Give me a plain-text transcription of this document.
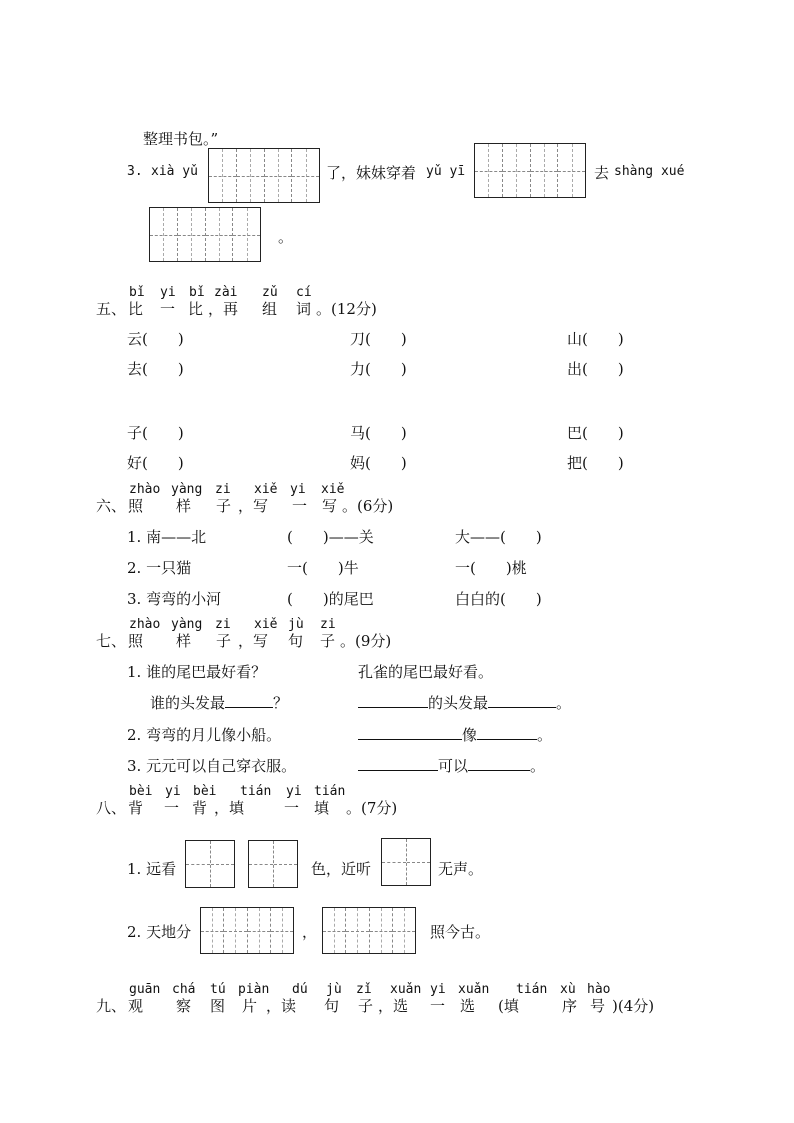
整理书包。”
3. xià yǔ	了，妹妹穿着 yǔ yī	去 shàng xué
。
bǐ yi bǐ zài zǔ cí
五、 比 一 比 ，再 组 词 。(12分)
云(　　)	刀(　　)	山(　　)
去(　　)	力(　　)	出(　　)
子(　　)	马(　　)	巴(　　)
好(　　)	妈(　　)	把(　　)
zhào yàng zi xiě yi xiě
六、 照 样 子 ，写 一 写 。(6分)
1. 南——北	(　　)——关	大——(　　)
2. 一只猫	一(　　)牛	一(　　)桃
3. 弯弯的小河	(　　)的尾巴	白白的(　　)
zhào yàng zi xiě jù zi
七、 照 样 子 ，写 句 子 。(9分)
1. 谁的尾巴最好看？	孔雀的尾巴最好看。
谁的头发最	？	的头发最	。
2. 弯弯的月儿像小船。	像	。
3. 元元可以自己穿衣服。	可以	。
bèi yi bèi tián yi tián
八、 背 一 背 ，填	一 填 。(7分)
1. 远看	色，近听	无声。
2. 天地分	，	照今古。
guān chá tú piàn dú jù zǐ xuǎn yi xuǎn tián xù hào
九、 观 察 图 片 ，读 句 子 ，选 一 选 (填	序 号 )(4分)
